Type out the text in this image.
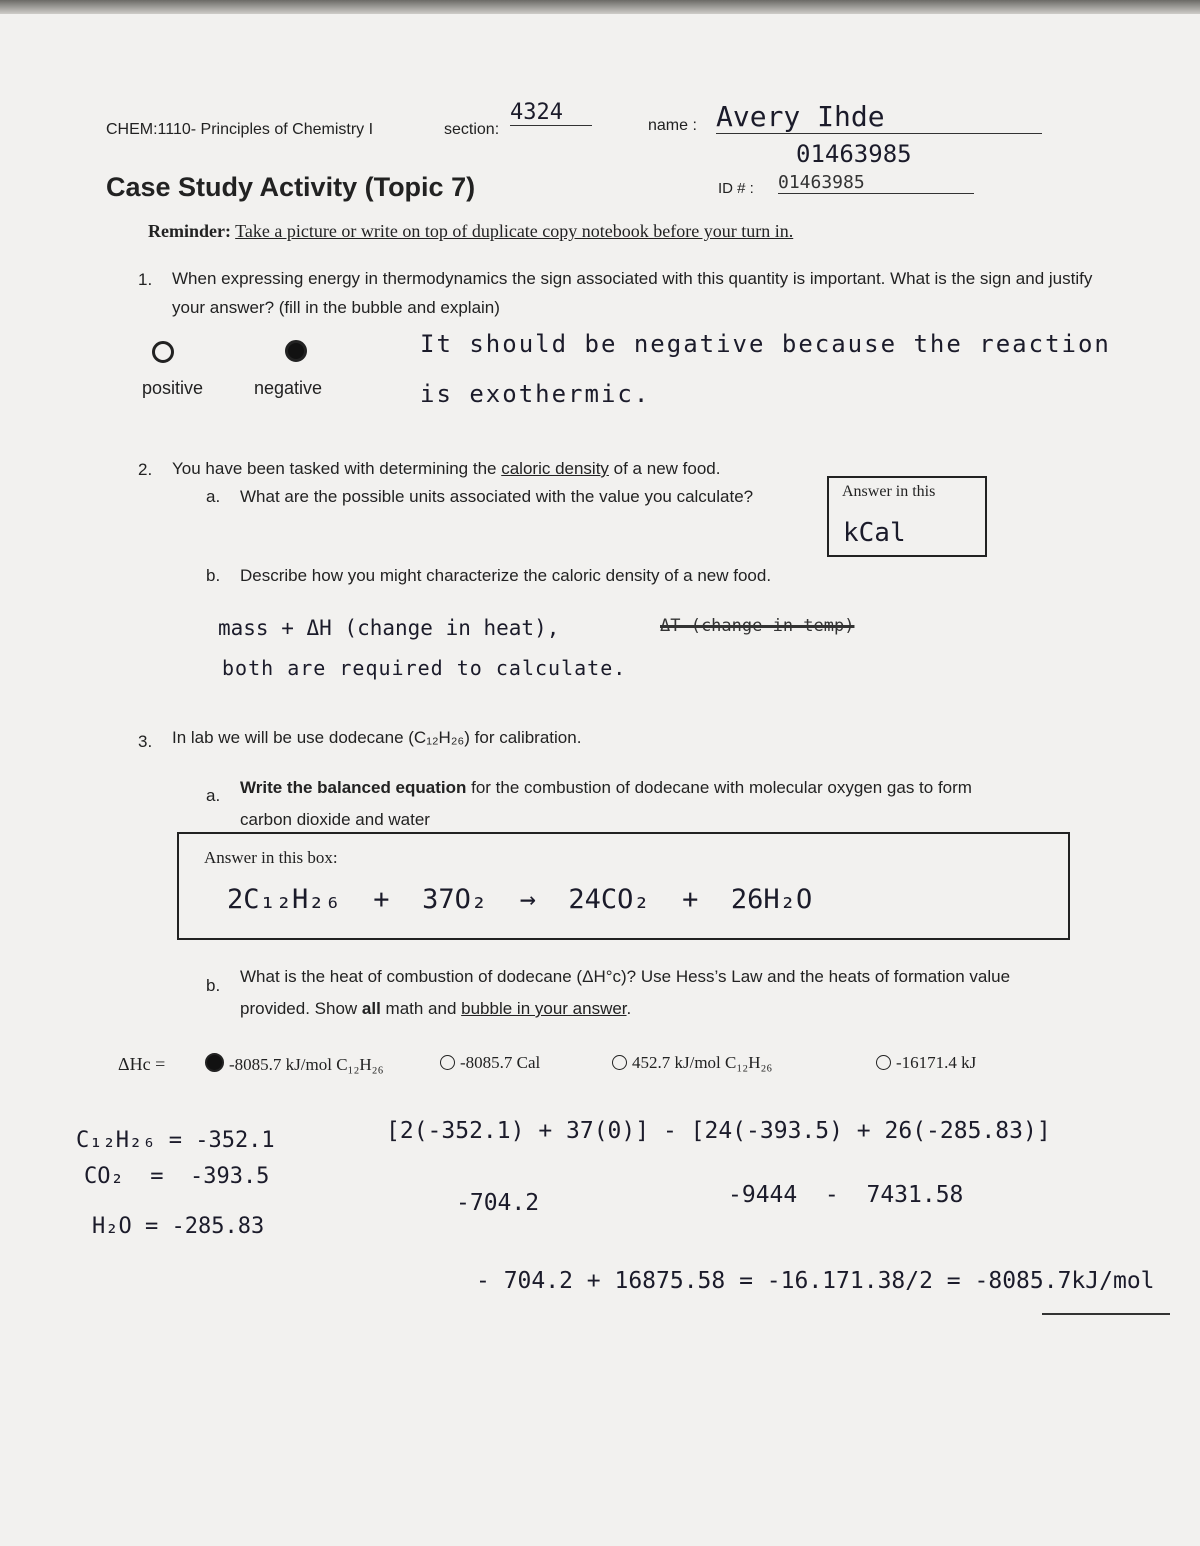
CHEM:1110- Principles of Chemistry I	section:
4324
name : Avery Ihde
01463985
Case Study Activity (Topic 7)	ID # : 01463985
Reminder: Take a picture or write on top of duplicate copy notebook before your turn in.
1. When expressing energy in thermodynamics the sign associated with this quantity is important. What is the sign and justify your answer? (fill in the bubble and explain)
positive	negative
It should be negative because the reaction
is exothermic.
2. You have been tasked with determining the caloric density of a new food.
a. What are the possible units associated with the value you calculate?	Answer in this
kCal
b. Describe how you might characterize the caloric density of a new food.
mass + ΔH (change in heat),	ΔT (change in temp)
both are required to calculate.
3. In lab we will be use dodecane (C₁₂H₂₆) for calibration.
a. Write the balanced equation for the combustion of dodecane with molecular oxygen gas to form
carbon dioxide and water
Answer in this box:
2C₁₂H₂₆  +  37O₂  →  24CO₂  +  26H₂O
b. What is the heat of combustion of dodecane (ΔH°c)? Use Hess’s Law and the heats of formation value
provided. Show all math and bubble in your answer.
ΔHc =	-8085.7 kJ/mol C₁₂H₂₆	-8085.7 Cal	452.7 kJ/mol C₁₂H₂₆	-16171.4 kJ
C₁₂H₂₆ = -352.1
CO₂  =  -393.5
H₂O = -285.83
[2(-352.1) + 37(0)] - [24(-393.5) + 26(-285.83)]
-704.2	-9444  -  7431.58
- 704.2 + 16875.58 = -16.171.38/2 = -8085.7kJ/mol
